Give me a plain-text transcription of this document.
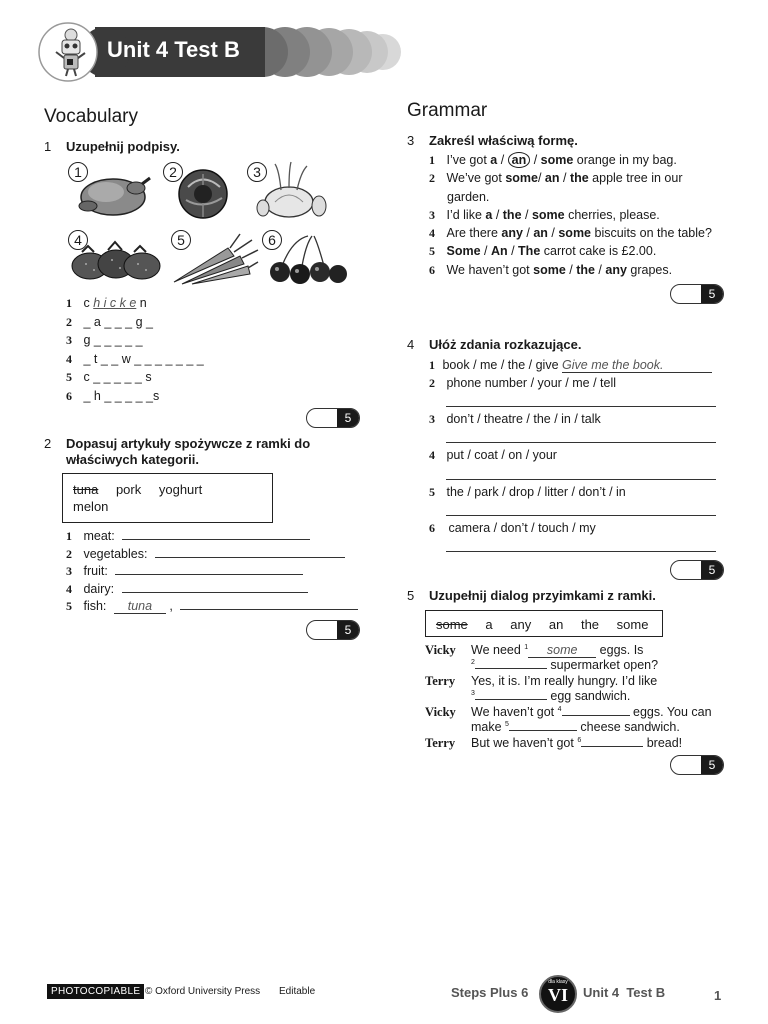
Unit 4 Test B
Vocabulary
1 Uzupełnij podpisy.
1	2	3
4	5	6
1 c h i c k e n
2 _ a _ _ _ g _
3 g _ _ _ _ _
4 _ t _ _ w _ _ _ _ _ _ _
5 c _ _ _ _ _ s
6 _ h _ _ _ _ _s
5
2 Dopasuj artykuły spożywcze z ramki do
właściwych kategorii.
tuna pork yoghurt
melon
1 meat:
2 vegetables:
3 fruit:
4 dairy:
5 fish: tuna ,
5
Grammar
3 Zakreśl właściwą formę.
1 I’ve got a / an / some orange in my bag.
2 We’ve got some/ an / the apple tree in our
garden.
3 I’d like a / the / some cherries, please.
4 Are there any / an / some biscuits on the table?
5 Some / An / The carrot cake is £2.00.
6 We haven’t got some / the / any grapes.
5
4 Ułóż zdania rozkazujące.
1 book / me / the / give Give me the book.
2 phone number / your / me / tell
3 don’t / theatre / the / in / talk
4 put / coat / on / your
5 the / park / drop / litter / don’t / in
6 camera / don’t / touch / my
5
5 Uzupełnij dialog przyimkami z ramki.
some a any an the some
Vicky We need $^1$ some eggs. Is
$^2$	supermarket open?
Terry Yes, it is. I’m really hungry. I’d like
$^3$	egg sandwich.
Vicky We haven’t got $^4$	eggs. You can
make $^5$	cheese sandwich.
Terry But we haven’t got $^6$	bread!
5
PHOTOCOPIABLE © Oxford University Press Editable	Steps Plus 6
dla klasy
VI	Unit 4  Test B	1
